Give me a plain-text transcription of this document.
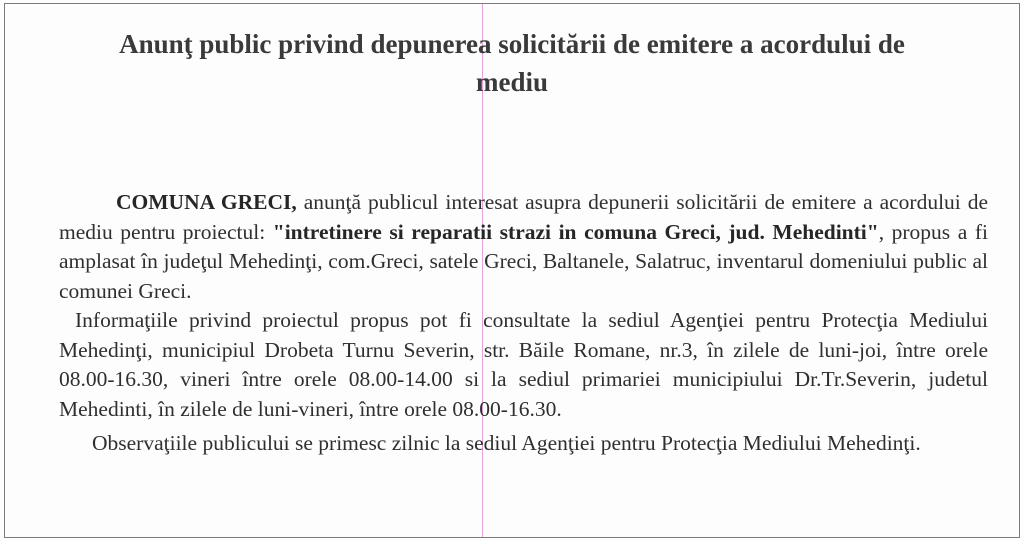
Anunţ public privind depunerea solicitării de emitere a acordului de mediu

COMUNA GRECI, anunţă publicul interesat asupra depunerii solicitării de emitere a acordului de mediu pentru proiectul: "intretinere si reparatii strazi in comuna Greci, jud. Mehedinti", propus a fi amplasat în judeţul Mehedinţi, com.Greci, satele Greci, Baltanele, Salatruc, inventarul domeniului public al comunei Greci.

Informaţiile privind proiectul propus pot fi consultate la sediul Agenţiei pentru Protecţia Mediului Mehedinţi, municipiul Drobeta Turnu Severin, str. Băile Romane, nr.3, în zilele de luni-joi, între orele 08.00-16.30, vineri între orele 08.00-14.00 si la sediul primariei municipiului Dr.Tr.Severin, judetul Mehedinti, în zilele de luni-vineri, între orele 08.00-16.30.

Observaţiile publicului se primesc zilnic la sediul Agenţiei pentru Protecţia Mediului Mehedinţi.
